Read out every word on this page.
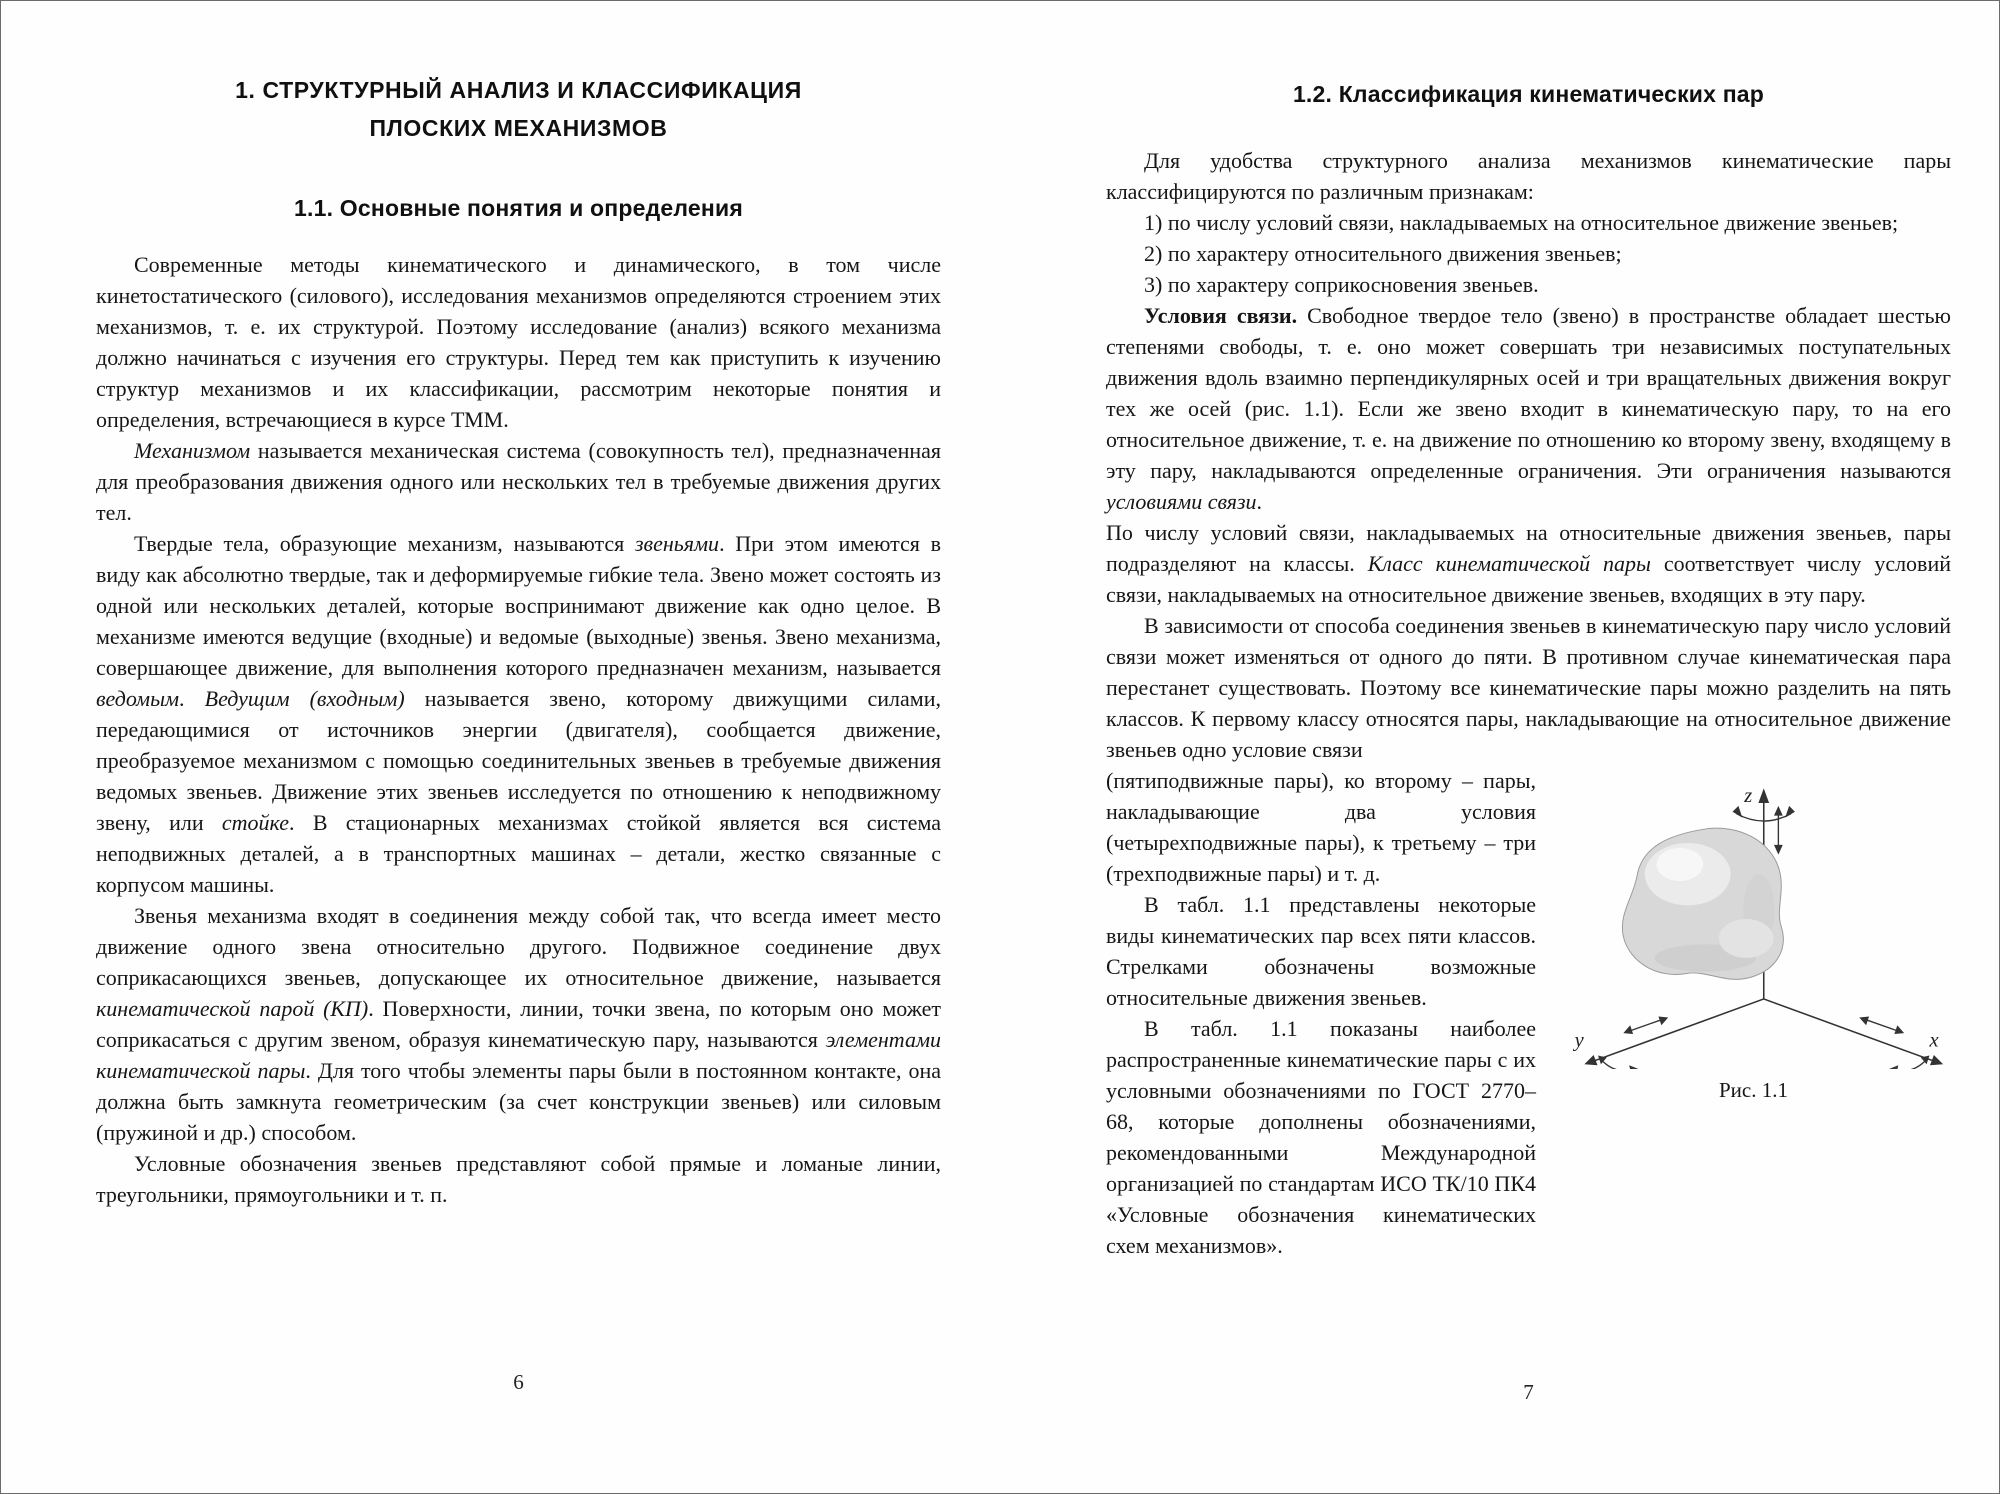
1. СТРУКТУРНЫЙ АНАЛИЗ И КЛАССИФИКАЦИЯ
ПЛОСКИХ МЕХАНИЗМОВ
1.1. Основные понятия и определения

Современные методы кинематического и динамического, в том числе кинетостатического (силового), исследования механизмов определяются строением этих механизмов, т. е. их структурой. Поэтому исследование (анализ) всякого механизма должно начинаться с изучения его структуры. Перед тем как приступить к изучению структур механизмов и их классификации, рассмотрим некоторые понятия и определения, встречающиеся в курсе ТММ.

Механизмом называется механическая система (совокупность тел), предназначенная для преобразования движения одного или нескольких тел в требуемые движения других тел.

Твердые тела, образующие механизм, называются звеньями. При этом имеются в виду как абсолютно твердые, так и деформируемые гибкие тела. Звено может состоять из одной или нескольких деталей, которые воспринимают движение как одно целое. В механизме имеются ведущие (входные) и ведомые (выходные) звенья. Звено механизма, совершающее движение, для выполнения которого предназначен механизм, называется ведомым. Ведущим (входным) называется звено, которому движущими силами, передающимися от источников энергии (двигателя), сообщается движение, преобразуемое механизмом с помощью соединительных звеньев в требуемые движения ведомых звеньев. Движение этих звеньев исследуется по отношению к неподвижному звену, или стойке. В стационарных механизмах стойкой является вся система неподвижных деталей, а в транспортных машинах – детали, жестко связанные с корпусом машины.

Звенья механизма входят в соединения между собой так, что всегда имеет место движение одного звена относительно другого. Подвижное соединение двух соприкасающихся звеньев, допускающее их относительное движение, называется кинематической парой (КП). Поверхности, линии, точки звена, по которым оно может соприкасаться с другим звеном, образуя кинематическую пару, называются элементами кинематической пары. Для того чтобы элементы пары были в постоянном контакте, она должна быть замкнута геометрическим (за счет конструкции звеньев) или силовым (пружиной и др.) способом.

Условные обозначения звеньев представляют собой прямые и ломаные линии, треугольники, прямоугольники и т. п.

6
1.2. Классификация кинематических пар

Для удобства структурного анализа механизмов кинематические пары классифицируются по различным признакам:

1) по числу условий связи, накладываемых на относительное движение звеньев;

2) по характеру относительного движения звеньев;

3) по характеру соприкосновения звеньев.

Условия связи. Свободное твердое тело (звено) в пространстве обладает шестью степенями свободы, т. е. оно может совершать три независимых поступательных движения вдоль взаимно перпендикулярных осей и три вращательных движения вокруг тех же осей (рис. 1.1). Если же звено входит в кинематическую пару, то на его относительное движение, т. е. на движение по отношению ко второму звену, входящему в эту пару, накладываются определенные ограничения. Эти ограничения называются условиями связи.

По числу условий связи, накладываемых на относительные движения звеньев, пары подразделяют на классы. Класс кинематической пары соответствует числу условий связи, накладываемых на относительное движение звеньев, входящих в эту пару.

В зависимости от способа соединения звеньев в кинематическую пару число условий связи может изменяться от одного до пяти. В противном случае кинематическая пара перестанет существовать. Поэтому все кинематические пары можно разделить на пять классов. К первому классу относятся пары, накладывающие на относительное движение звеньев одно условие связи

(пятиподвижные пары), ко второму – пары, накладывающие два условия (четырехподвижные пары), к третьему – три (трехподвижные пары) и т. д.

В табл. 1.1 представлены некоторые виды кинематических пар всех пяти классов. Стрелками обозначены возможные относительные движения звеньев.

В табл. 1.1 показаны наиболее распространенные кинематические пары с их условными обозначениями по ГОСТ 2770–68, которые дополнены обозначениями, рекомендованными Международной организацией по стандартам ИСО ТК/10 ПК4 «Условные обозначения кинематических схем механизмов».

z
x
y
Рис. 1.1
7
